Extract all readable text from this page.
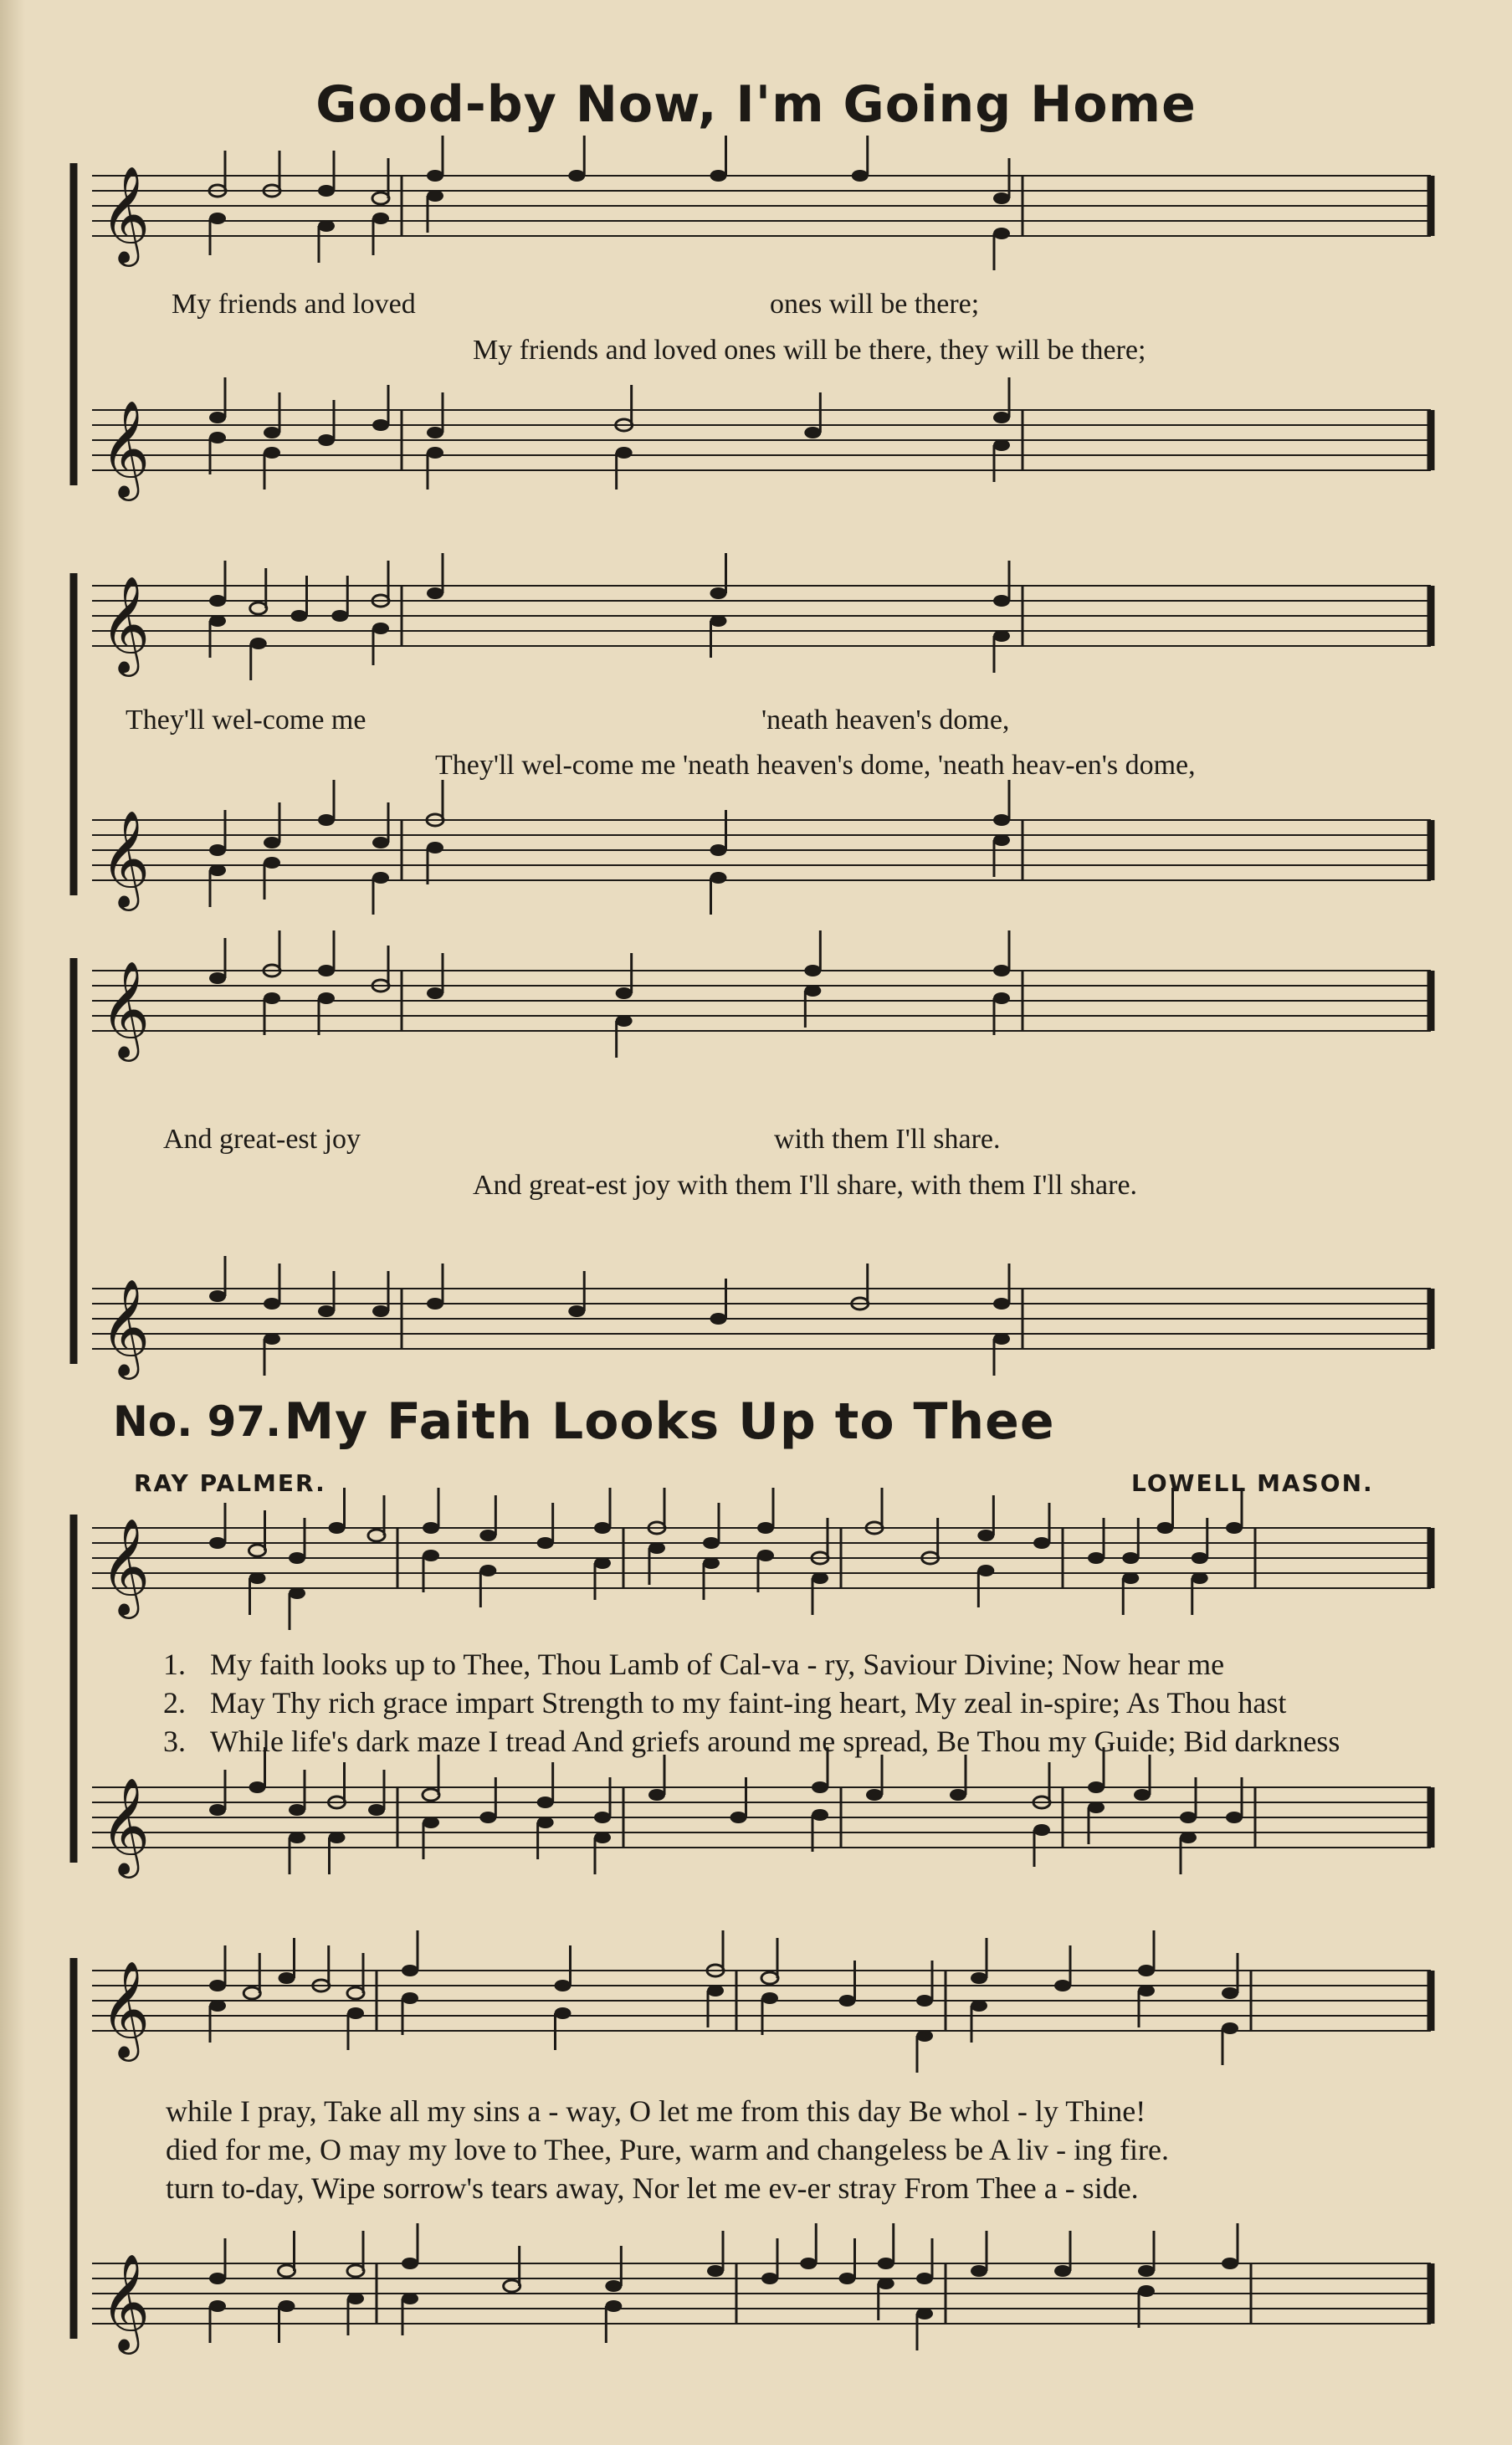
Good-by Now, I'm Going Home
𝄞
𝄞
𝄞
𝄞
𝄞
𝄞
𝄞
𝄞
𝄞
𝄞
My friends and loved	ones will be there;
My friends and loved ones will be there, they will be there;
They'll wel-come me	'neath heaven's dome,
They'll wel-come me 'neath heaven's dome, 'neath heav-en's dome,
And great-est joy	with them I'll share.
And great-est joy with them I'll share, with them I'll share.
No. 97. My Faith Looks Up to Thee
RAY PALMER.	LOWELL MASON.
1. My faith looks up to Thee, Thou Lamb of Cal-va - ry, Saviour Divine; Now hear me
2. May Thy rich grace impart Strength to my faint-ing heart, My zeal in-spire; As Thou hast
3. While life's dark maze I tread And griefs around me spread, Be Thou my Guide; Bid darkness
while I pray, Take all my sins a - way, O let me from this day Be whol - ly Thine!
died for me, O may my love to Thee, Pure, warm and changeless be A liv - ing fire.
turn to-day, Wipe sorrow's tears away, Nor let me ev-er stray From Thee a - side.
